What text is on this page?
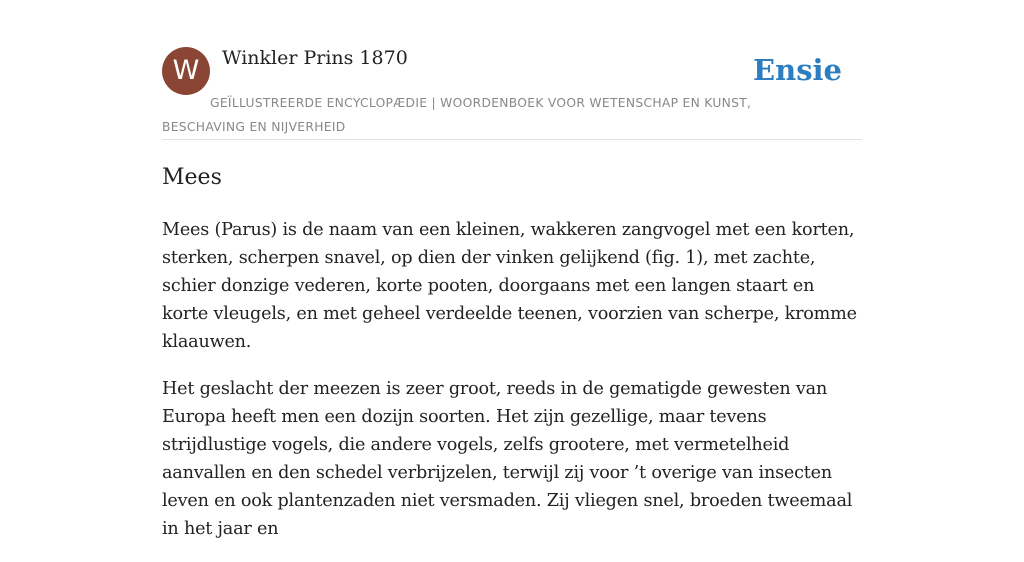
W	Winkler Prins 1870	Ensie
GEÏLLUSTREERDE ENCYCLOPÆDIE | WOORDENBOEK VOOR WETENSCHAP EN KUNST, BESCHAVING EN NIJVERHEID
Mees

Mees (Parus) is de naam van een kleinen, wakkeren zangvogel met een korten, sterken, scherpen snavel, op dien der vinken gelijkend (fig. 1), met zachte, schier donzige vederen, korte pooten, doorgaans met een langen staart en korte vleugels, en met geheel verdeelde teenen, voorzien van scherpe, kromme klaauwen.

Het geslacht der meezen is zeer groot, reeds in de gematigde gewesten van Europa heeft men een dozijn soorten. Het zijn gezellige, maar tevens strijdlustige vogels, die andere vogels, zelfs grootere, met vermetelheid aanvallen en den schedel verbrijzelen, terwijl zij voor ’t overige van insecten leven en ook plantenzaden niet versmaden. Zij vliegen snel, broeden tweemaal in het jaar en
